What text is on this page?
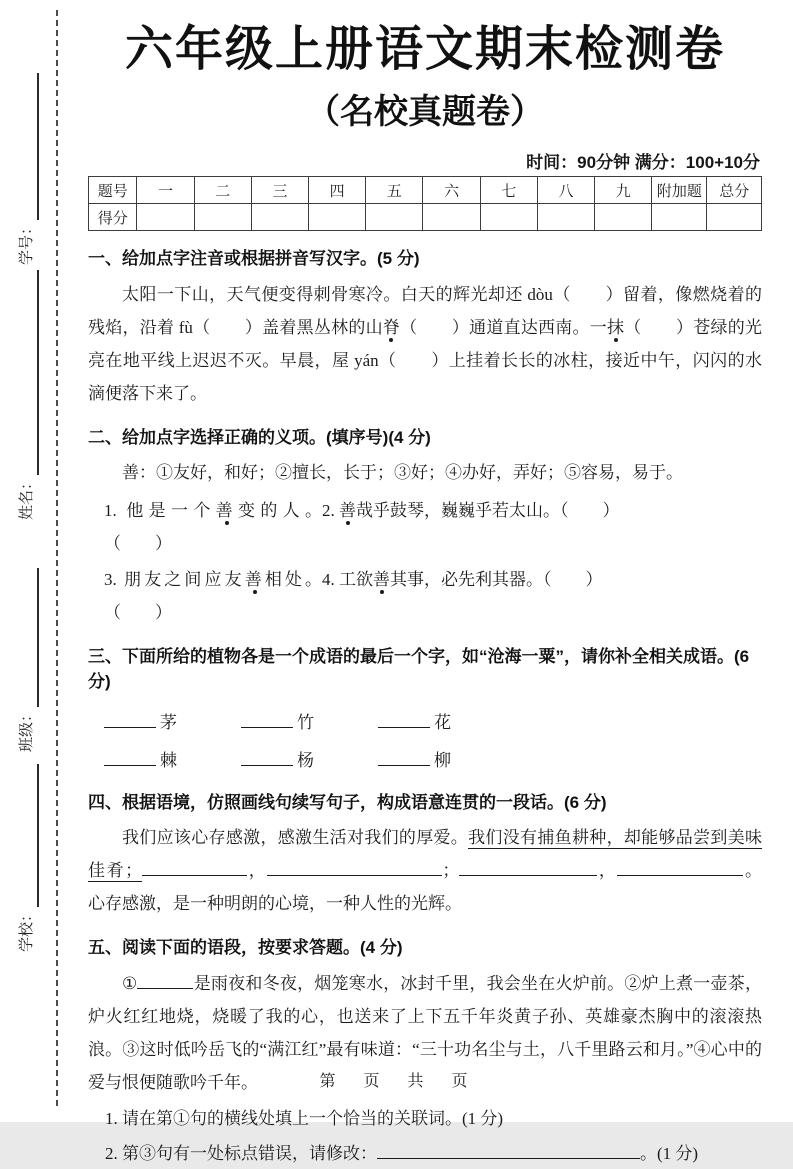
学号：
姓名：
班级：
学校：
六年级上册语文期末检测卷
（名校真题卷）
时间：90分钟 满分：100+10分
题号	一	二	三	四	五	六	七	八	九	附加题	总分
得分											

一、给加点字注音或根据拼音写汉字。(5 分)

太阳一下山，天气便变得刺骨寒冷。白天的辉光却还 dòu（　　）留着，像燃烧着的残焰，沿着 fù（　　）盖着黑丛林的山脊（　　）通道直达西南。一抹（　　）苍绿的光亮在地平线上迟迟不灭。早晨，屋 yán（　　）上挂着长长的冰柱，接近中午，闪闪的水滴便落下来了。

二、给加点字选择正确的义项。(填序号)(4 分)

善：①友好，和好；②擅长，长于；③好；④办好，弄好；⑤容易，易于。

1. 他是一个善变的人。（　　）

2. 善哉乎鼓琴，巍巍乎若太山。（　　）

3. 朋友之间应友善相处。（　　）

4. 工欲善其事，必先利其器。（　　）

三、下面所给的植物各是一个成语的最后一个字，如“沧海一粟”，请你补全相关成语。(6 分)

茅	竹	花
棘	杨	柳

四、根据语境，仿照画线句续写句子，构成语意连贯的一段话。(6 分)

我们应该心存感激，感激生活对我们的厚爱。我们没有捕鱼耕种，却能够品尝到美味佳肴；	，	；	，	。心存感激，是一种明朗的心境，一种人性的光辉。

五、阅读下面的语段，按要求答题。(4 分)

①	是雨夜和冬夜，烟笼寒水，冰封千里，我会坐在火炉前。②炉上煮一壶茶，炉火红红地烧，烧暖了我的心，也送来了上下五千年炎黄子孙、英雄豪杰胸中的滚滚热浪。③这时低吟岳飞的“满江红”最有味道：“三十功名尘与土，八千里路云和月。”④心中的爱与恨便随歌吟千年。

1. 请在第①句的横线处填上一个恰当的关联词。(1 分)

2. 第③句有一处标点错误，请修改：	。(1 分)

第　页　共　页
